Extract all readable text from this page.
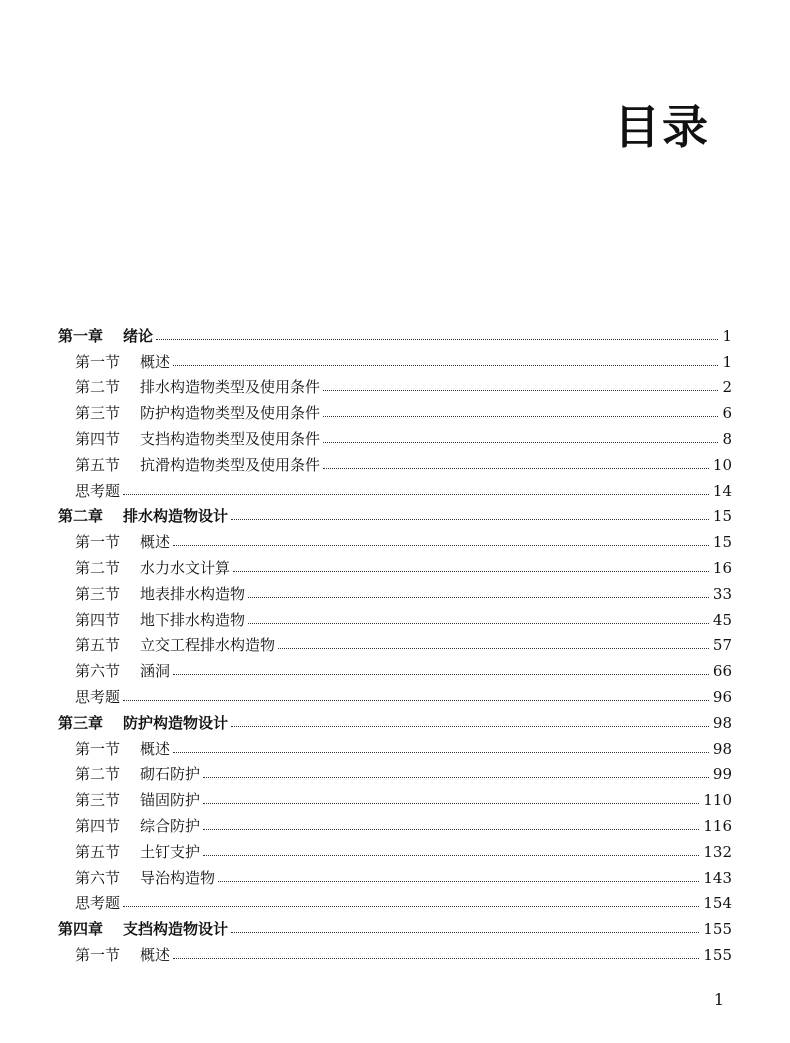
目录
第一章 绪论	1
第一节 概述	1
第二节 排水构造物类型及使用条件	2
第三节 防护构造物类型及使用条件	6
第四节 支挡构造物类型及使用条件	8
第五节 抗滑构造物类型及使用条件	10
思考题	14
第二章 排水构造物设计	15
第一节 概述	15
第二节 水力水文计算	16
第三节 地表排水构造物	33
第四节 地下排水构造物	45
第五节 立交工程排水构造物	57
第六节 涵洞	66
思考题	96
第三章 防护构造物设计	98
第一节 概述	98
第二节 砌石防护	99
第三节 锚固防护	110
第四节 综合防护	116
第五节 土钉支护	132
第六节 导治构造物	143
思考题	154
第四章 支挡构造物设计	155
第一节 概述	155
1
